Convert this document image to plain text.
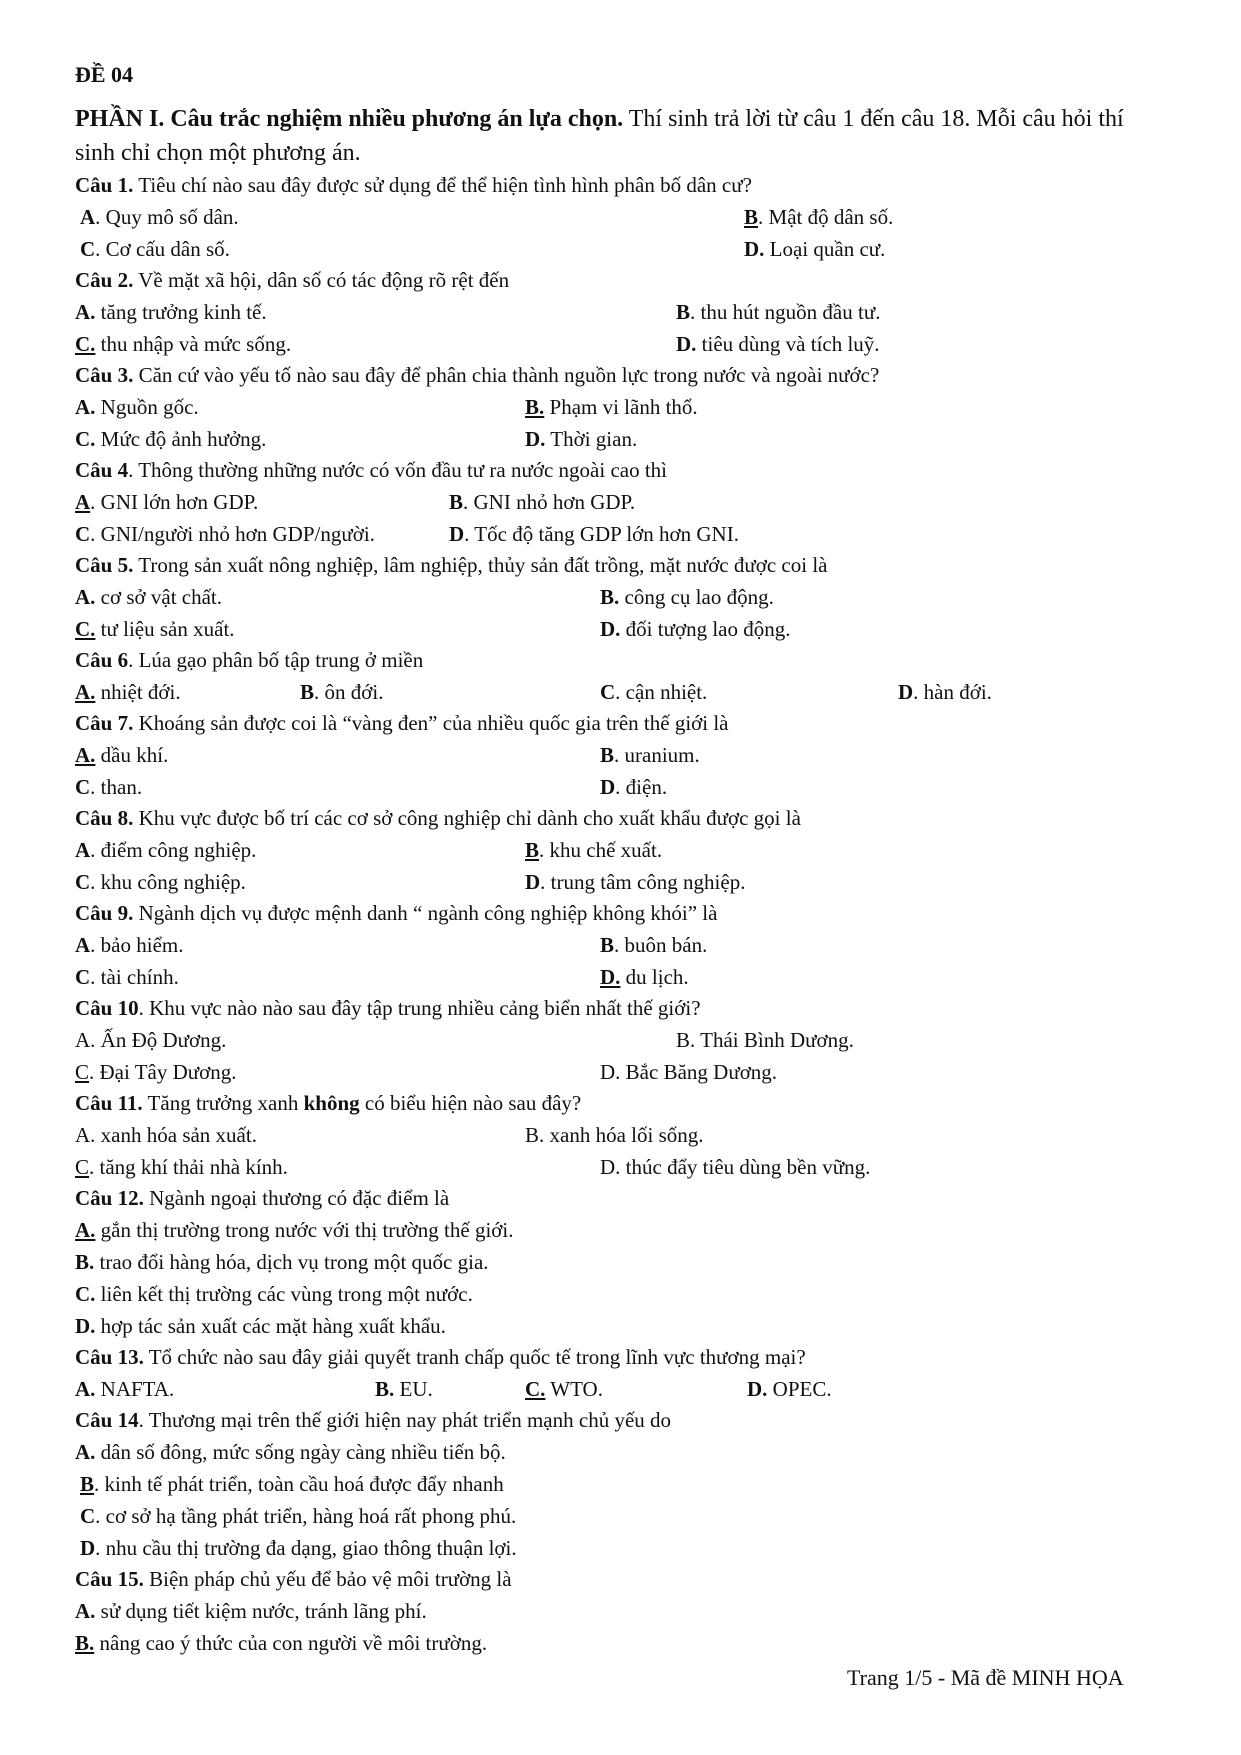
ĐỀ 04
PHẦN I. Câu trắc nghiệm nhiều phương án lựa chọn. Thí sinh trả lời từ câu 1 đến câu 18. Mỗi câu hỏi thí
sinh chỉ chọn một phương án.
Câu 1. Tiêu chí nào sau đây được sử dụng để thể hiện tình hình phân bố dân cư?
A. Quy mô số dân.	B. Mật độ dân số.
C. Cơ cấu dân số.	D. Loại quần cư.
Câu 2. Về mặt xã hội, dân số có tác động rõ rệt đến
A. tăng trưởng kinh tế.	B. thu hút nguồn đầu tư.
C. thu nhập và mức sống.	D. tiêu dùng và tích luỹ.
Câu 3. Căn cứ vào yếu tố nào sau đây để phân chia thành nguồn lực trong nước và ngoài nước?
A. Nguồn gốc.	B. Phạm vi lãnh thổ.
C. Mức độ ảnh hưởng.	D. Thời gian.
Câu 4. Thông thường những nước có vốn đầu tư ra nước ngoài cao thì
A. GNI lớn hơn GDP.	B. GNI nhỏ hơn GDP.
C. GNI/người nhỏ hơn GDP/người.	D. Tốc độ tăng GDP lớn hơn GNI.
Câu 5. Trong sản xuất nông nghiệp, lâm nghiệp, thủy sản đất trồng, mặt nước được coi là
A. cơ sở vật chất.	B. công cụ lao động.
C. tư liệu sản xuất.	D. đối tượng lao động.
Câu 6. Lúa gạo phân bố tập trung ở miền
A. nhiệt đới.	B. ôn đới.	C. cận nhiệt.	D. hàn đới.
Câu 7. Khoáng sản được coi là “vàng đen” của nhiều quốc gia trên thế giới là
A. dầu khí.	B. uranium.
C. than.	D. điện.
Câu 8. Khu vực được bố trí các cơ sở công nghiệp chỉ dành cho xuất khẩu được gọi là
A. điểm công nghiệp.	B. khu chế xuất.
C. khu công nghiệp.	D. trung tâm công nghiệp.
Câu 9. Ngành dịch vụ được mệnh danh “ ngành công nghiệp không khói” là
A. bảo hiểm.	B. buôn bán.
C. tài chính.	D. du lịch.
Câu 10. Khu vực nào nào sau đây tập trung nhiều cảng biển nhất thế giới?
A. Ấn Độ Dương.	B. Thái Bình Dương.
C. Đại Tây Dương.	D. Bắc Băng Dương.
Câu 11. Tăng trưởng xanh không có biểu hiện nào sau đây?
A. xanh hóa sản xuất.	B. xanh hóa lối sống.
C. tăng khí thải nhà kính.	D. thúc đẩy tiêu dùng bền vững.
Câu 12. Ngành ngoại thương có đặc điểm là
A. gắn thị trường trong nước với thị trường thế giới.
B. trao đổi hàng hóa, dịch vụ trong một quốc gia.
C. liên kết thị trường các vùng trong một nước.
D. hợp tác sản xuất các mặt hàng xuất khẩu.
Câu 13. Tổ chức nào sau đây giải quyết tranh chấp quốc tế trong lĩnh vực thương mại?
A. NAFTA.	B. EU.	C. WTO.	D. OPEC.
Câu 14. Thương mại trên thế giới hiện nay phát triển mạnh chủ yếu do
A. dân số đông, mức sống ngày càng nhiều tiến bộ.
B. kinh tế phát triển, toàn cầu hoá được đẩy nhanh
C. cơ sở hạ tầng phát triển, hàng hoá rất phong phú.
D. nhu cầu thị trường đa dạng, giao thông thuận lợi.
Câu 15. Biện pháp chủ yếu để bảo vệ môi trường là
A. sử dụng tiết kiệm nước, tránh lãng phí.
B. nâng cao ý thức của con người về môi trường.
Trang 1/5 - Mã đề MINH HỌA
